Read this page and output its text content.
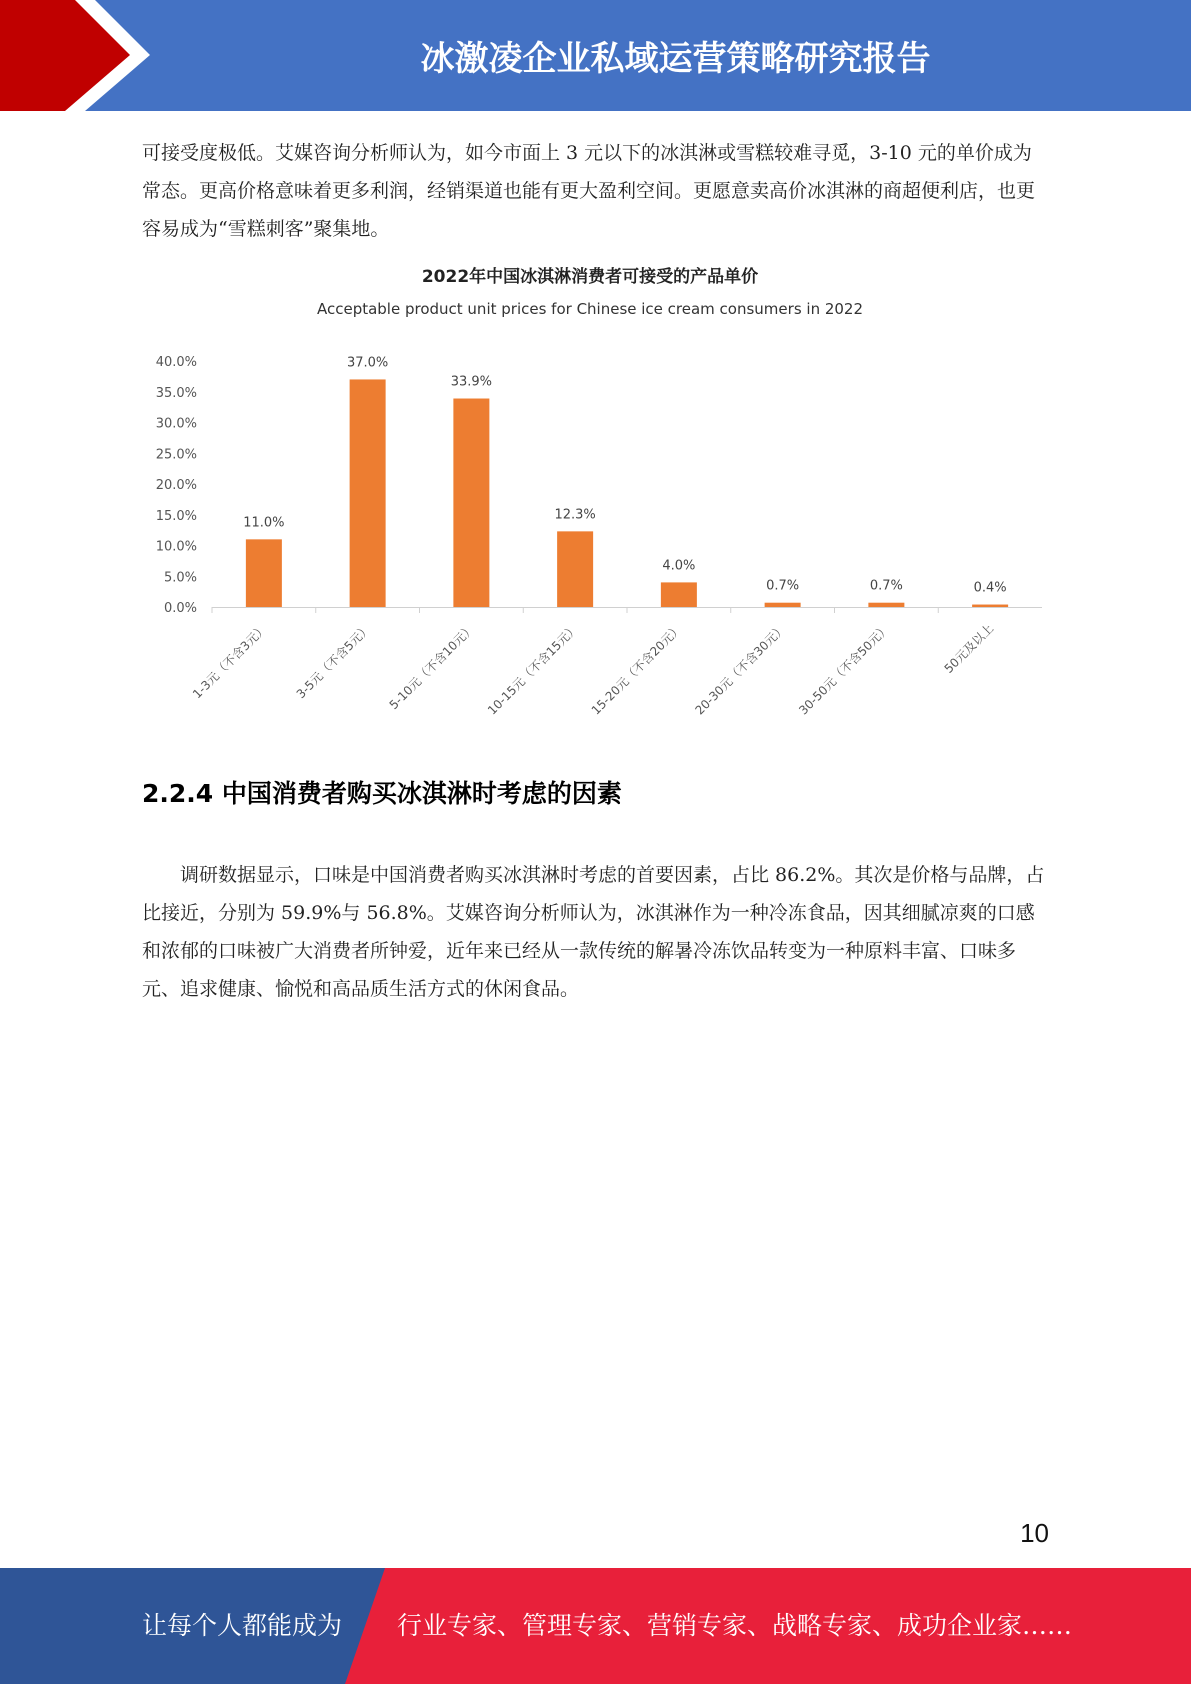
冰激凌企业私域运营策略研究报告

可接受度极低。艾媒咨询分析师认为，如今市面上 3 元以下的冰淇淋或雪糕较难寻觅，3-10 元的单价成为常态。更高价格意味着更多利润，经销渠道也能有更大盈利空间。更愿意卖高价冰淇淋的商超便利店，也更容易成为“雪糕刺客”聚集地。

2022年中国冰淇淋消费者可接受的产品单价
Acceptable product unit prices for Chinese ice cream consumers in 2022
0.0%
5.0%
10.0%
15.0%
20.0%
25.0%
30.0%
35.0%
40.0%
11.0%
37.0%
33.9%
12.3%
4.0%
0.7%	0.7%	0.4%
1-3元（不含3元） 3-5元（不含5元） 5-10元（不含10元） 10-15元（不含15元） 15-20元（不含20元） 20-30元（不含30元） 30-50元（不含50元）	50元及以上
2.2.4 中国消费者购买冰淇淋时考虑的因素

调研数据显示，口味是中国消费者购买冰淇淋时考虑的首要因素，占比 86.2%。其次是价格与品牌，占比接近，分别为 59.9%与 56.8%。艾媒咨询分析师认为，冰淇淋作为一种冷冻食品，因其细腻凉爽的口感和浓郁的口味被广大消费者所钟爱，近年来已经从一款传统的解暑冷冻饮品转变为一种原料丰富、口味多元、追求健康、愉悦和高品质生活方式的休闲食品。

10
让每个人都能成为 行业专家、管理专家、营销专家、战略专家、成功企业家……
